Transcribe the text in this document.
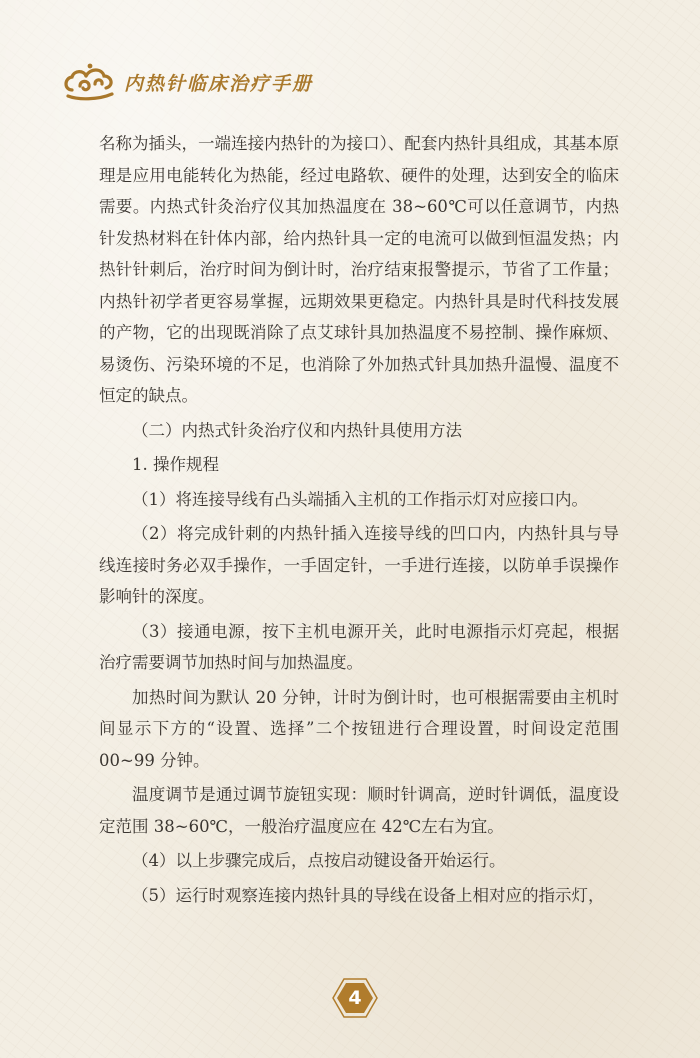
内热针临床治疗手册

名称为插头，一端连接内热针的为接口）、配套内热针具组成，其基本原理是应用电能转化为热能，经过电路软、硬件的处理，达到安全的临床需要。内热式针灸治疗仪其加热温度在 38~60℃可以任意调节，内热针发热材料在针体内部，给内热针具一定的电流可以做到恒温发热；内热针针刺后，治疗时间为倒计时，治疗结束报警提示，节省了工作量；内热针初学者更容易掌握，远期效果更稳定。内热针具是时代科技发展的产物，它的出现既消除了点艾球针具加热温度不易控制、操作麻烦、易烫伤、污染环境的不足，也消除了外加热式针具加热升温慢、温度不恒定的缺点。

（二）内热式针灸治疗仪和内热针具使用方法

1. 操作规程

（1）将连接导线有凸头端插入主机的工作指示灯对应接口内。

（2）将完成针刺的内热针插入连接导线的凹口内，内热针具与导线连接时务必双手操作，一手固定针，一手进行连接，以防单手误操作影响针的深度。

（3）接通电源，按下主机电源开关，此时电源指示灯亮起，根据治疗需要调节加热时间与加热温度。

加热时间为默认 20 分钟，计时为倒计时，也可根据需要由主机时间显示下方的“设置、选择”二个按钮进行合理设置，时间设定范围 00~99 分钟。

温度调节是通过调节旋钮实现：顺时针调高，逆时针调低，温度设定范围 38~60℃，一般治疗温度应在 42℃左右为宜。

（4）以上步骤完成后，点按启动键设备开始运行。

（5）运行时观察连接内热针具的导线在设备上相对应的指示灯，

4
